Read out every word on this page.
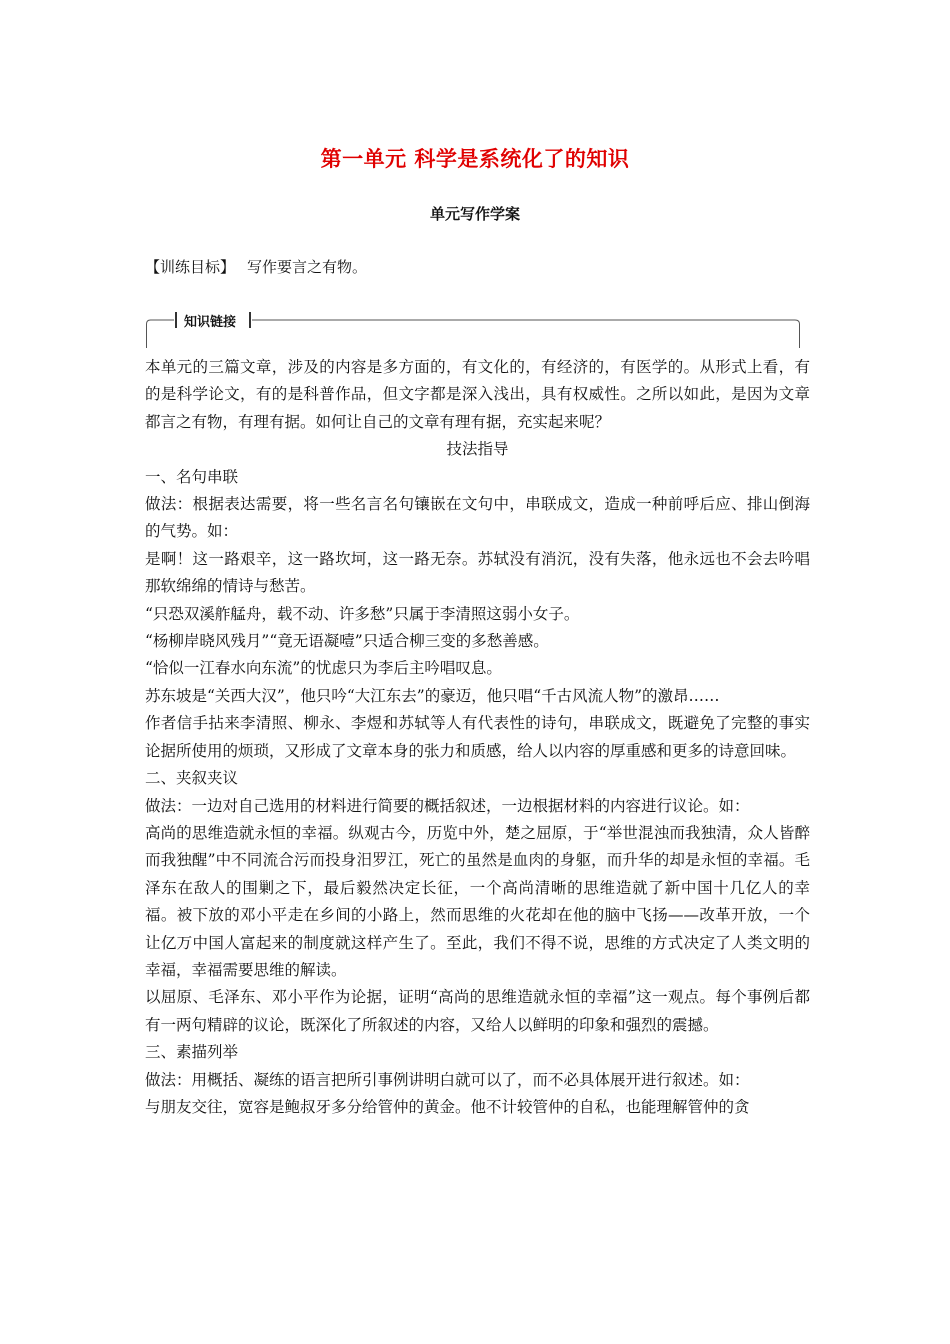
第一单元 科学是系统化了的知识
单元写作学案
【训练目标】 写作要言之有物。
知识链接

本单元的三篇文章，涉及的内容是多方面的，有文化的，有经济的，有医学的。从形式上看，有的是科学论文，有的是科普作品，但文字都是深入浅出，具有权威性。之所以如此，是因为文章都言之有物，有理有据。如何让自己的文章有理有据，充实起来呢？

技法指导

一、名句串联

做法：根据表达需要，将一些名言名句镶嵌在文句中，串联成文，造成一种前呼后应、排山倒海的气势。如：

是啊！这一路艰辛，这一路坎坷，这一路无奈。苏轼没有消沉，没有失落，他永远也不会去吟唱那软绵绵的情诗与愁苦。

“只恐双溪舴艋舟，载不动、许多愁”只属于李清照这弱小女子。

“杨柳岸晓风残月”“竟无语凝噎”只适合柳三变的多愁善感。

“恰似一江春水向东流”的忧虑只为李后主吟唱叹息。

苏东坡是“关西大汉”，他只吟“大江东去”的豪迈，他只唱“千古风流人物”的激昂……

作者信手拈来李清照、柳永、李煜和苏轼等人有代表性的诗句，串联成文，既避免了完整的事实论据所使用的烦琐，又形成了文章本身的张力和质感，给人以内容的厚重感和更多的诗意回味。

二、夹叙夹议

做法：一边对自己选用的材料进行简要的概括叙述，一边根据材料的内容进行议论。如：

高尚的思维造就永恒的幸福。纵观古今，历览中外，楚之屈原，于“举世混浊而我独清，众人皆醉而我独醒”中不同流合污而投身汨罗江，死亡的虽然是血肉的身躯，而升华的却是永恒的幸福。毛泽东在敌人的围剿之下，最后毅然决定长征，一个高尚清晰的思维造就了新中国十几亿人的幸福。被下放的邓小平走在乡间的小路上，然而思维的火花却在他的脑中飞扬——改革开放，一个让亿万中国人富起来的制度就这样产生了。至此，我们不得不说，思维的方式决定了人类文明的幸福，幸福需要思维的解读。

以屈原、毛泽东、邓小平作为论据，证明“高尚的思维造就永恒的幸福”这一观点。每个事例后都有一两句精辟的议论，既深化了所叙述的内容，又给人以鲜明的印象和强烈的震撼。

三、素描列举

做法：用概括、凝练的语言把所引事例讲明白就可以了，而不必具体展开进行叙述。如：

与朋友交往，宽容是鲍叔牙多分给管仲的黄金。他不计较管仲的自私，也能理解管仲的贪
